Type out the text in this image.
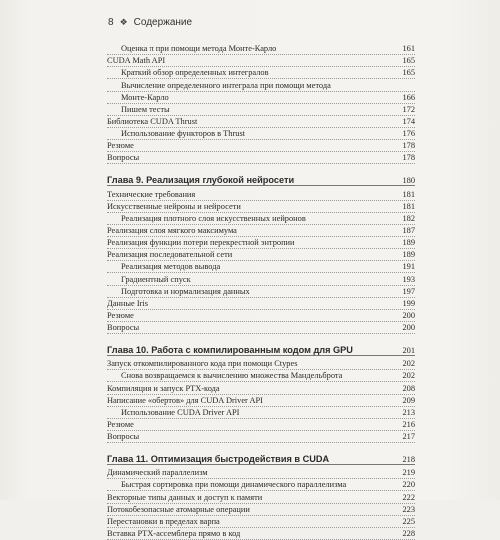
8 ❖ Содержание
Оценка π при помощи метода Монте-Карло	161
CUDA Math API	165
Краткий обзор определенных интегралов	165
Вычисление определенного интеграла при помощи метода
Монте-Карло	166
Пишем тесты	172
Библиотека CUDA Thrust	174
Использование функторов в Thrust	176
Резюме	178
Вопросы	178
Глава 9. Реализация глубокой нейросети	180
Технические требования	181
Искусственные нейроны и нейросети	181
Реализация плотного слоя искусственных нейронов	182
Реализация слоя мягкого максимума	187
Реализация функции потери перекрестной энтропии	189
Реализация последовательной сети	189
Реализация методов вывода	191
Градиентный спуск	193
Подготовка и нормализация данных	197
Данные Iris	199
Резюме	200
Вопросы	200
Глава 10. Работа с компилированным кодом для GPU	201
Запуск откомпилированного кода при помощи Ctypes	202
Снова возвращаемся к вычислению множества Мандельброта	202
Компиляция и запуск PTX-кода	208
Написание «обертов» для CUDA Driver API	209
Использование CUDA Driver API	213
Резюме	216
Вопросы	217
Глава 11. Оптимизация быстродействия в CUDA	218
Динамический параллелизм	219
Быстрая сортировка при помощи динамического параллелизма	220
Векторные типы данных и доступ к памяти	222
Потокобезопасные атомарные операции	223
Перестановки в пределах варпа	225
Вставка PTX-ассемблера прямо в код	228
